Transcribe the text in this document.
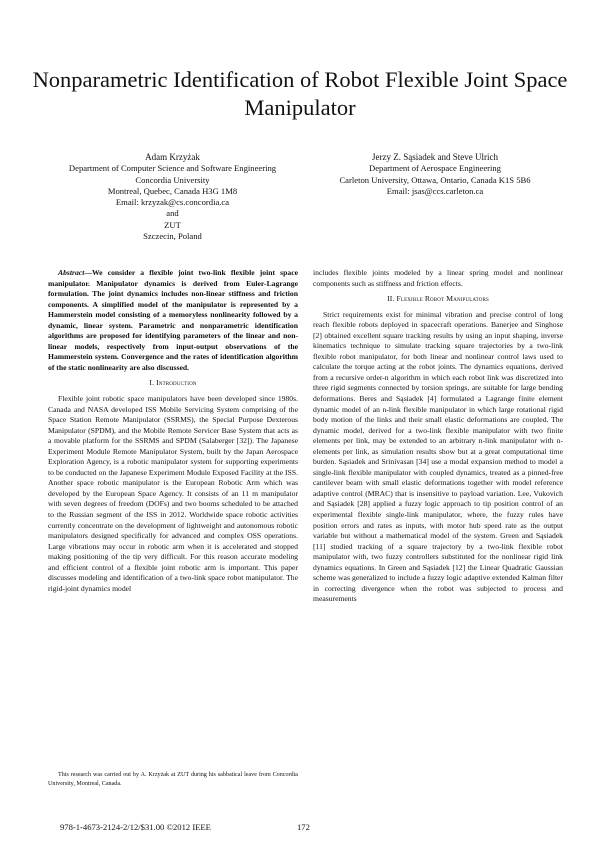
Nonparametric Identification of Robot Flexible Joint Space Manipulator
Adam Krzyżak
Department of Computer Science and Software Engineering
Concordia University
Montreal, Quebec, Canada H3G 1M8
Email: krzyzak@cs.concordia.ca
and
ZUT
Szczecin, Poland
Jerzy Z. Sąsiadek and Steve Ulrich
Department of Aerospace Engineering
Carleton University, Ottawa, Ontario, Canada K1S 5B6
Email: jsas@ccs.carleton.ca

Abstract—We consider a flexible joint two-link flexible joint space manipulator. Manipulator dynamics is derived from Euler-Lagrange formulation. The joint dynamics includes non-linear stiffness and friction components. A simplified model of the manipulator is represented by a Hammerstein model consisting of a memoryless nonlinearity followed by a dynamic, linear system. Parametric and nonparametric identification algorithms are proposed for identifying parameters of the linear and non-linear models, respectively from input-output observations of the Hammerstein system. Convergence and the rates of identification algorithm of the static nonlinearity are also discussed.

I. Introduction

Flexible joint robotic space manipulators have been developed since 1980s. Canada and NASA developed ISS Mobile Servicing System comprising of the Space Station Remote Manipulator (SSRMS), the Special Purpose Dexterous Manipulator (SPDM), and the Mobile Remote Servicer Base System that acts as a movable platform for the SSRMS and SPDM (Salaberger [32]). The Japanese Experiment Module Remote Manipulator System, built by the Japan Aerospace Exploration Agency, is a robotic manipulator system for supporting experiments to be conducted on the Japanese Experiment Module Exposed Facility at the ISS. Another space robotic manipulator is the European Robotic Arm which was developed by the European Space Agency. It consists of an 11 m manipulator with seven degrees of freedom (DOFs) and two booms scheduled to be attached to the Russian segment of the ISS in 2012. Worldwide space robotic activities currently concentrate on the development of lightweight and autonomous robotic manipulators designed specifically for advanced and complex OSS operations. Large vibrations may occur in robotic arm when it is accelerated and stopped making positioning of the tip very difficult. For this reason accurate modeling and efficient control of a flexible joint robotic arm is important. This paper discusses modeling and identification of a two-link space robot manipulator. The rigid-joint dynamics model

includes flexible joints modeled by a linear spring model and nonlinear components such as stiffness and friction effects.

II. Flexible Robot Manipulators

Strict requirements exist for minimal vibration and precise control of long reach flexible robots deployed in spacecraft operations. Banerjee and Singhose [2] obtained excellent square tracking results by using an input shaping, inverse kinematics technique to simulate tracking square trajectories by a two-link flexible robot manipulator, for both linear and nonlinear control laws used to calculate the torque acting at the robot joints. The dynamics equations, derived from a recursive order-n algorithm in which each robot link was discretized into three rigid segments connected by torsion springs, are suitable for large bending deformations. Beres and Sąsiadek [4] formulated a Lagrange finite element dynamic model of an n-link flexible manipulator in which large rotational rigid body motion of the links and their small elastic deformations are coupled. The dynamic model, derived for a two-link flexible manipulator with two finite elements per link, may be extended to an arbitrary n-link manipulator with n-elements per link, as simulation results show but at a great computational time burden. Sąsiadek and Srinivasan [34] use a modal expansion method to model a single-link flexible manipulator with coupled dynamics, treated as a pinned-free cantilever beam with small elastic deformations together with model reference adaptive control (MRAC) that is insensitive to payload variation. Lee, Vukovich and Sąsiadek [28] applied a fuzzy logic approach to tip position control of an experimental flexible single-link manipulator, where, the fuzzy rules have position errors and rates as inputs, with motor hub speed rate as the output variable but without a mathematical model of the system. Green and Sąsiadek [11] studied tracking of a square trajectory by a two-link flexible robot manipulator with, two fuzzy controllers substituted for the nonlinear rigid link dynamics equations. In Green and Sąsiadek [12] the Linear Quadratic Gaussian scheme was generalized to include a fuzzy logic adaptive extended Kalman filter in correcting divergence when the robot was subjected to process and measurements

This research was carried out by A. Krzyżak at ZUT during his sabbatical leave from Concordia University, Montreal, Canada.

978-1-4673-2124-2/12/$31.00 ©2012 IEEE	172
